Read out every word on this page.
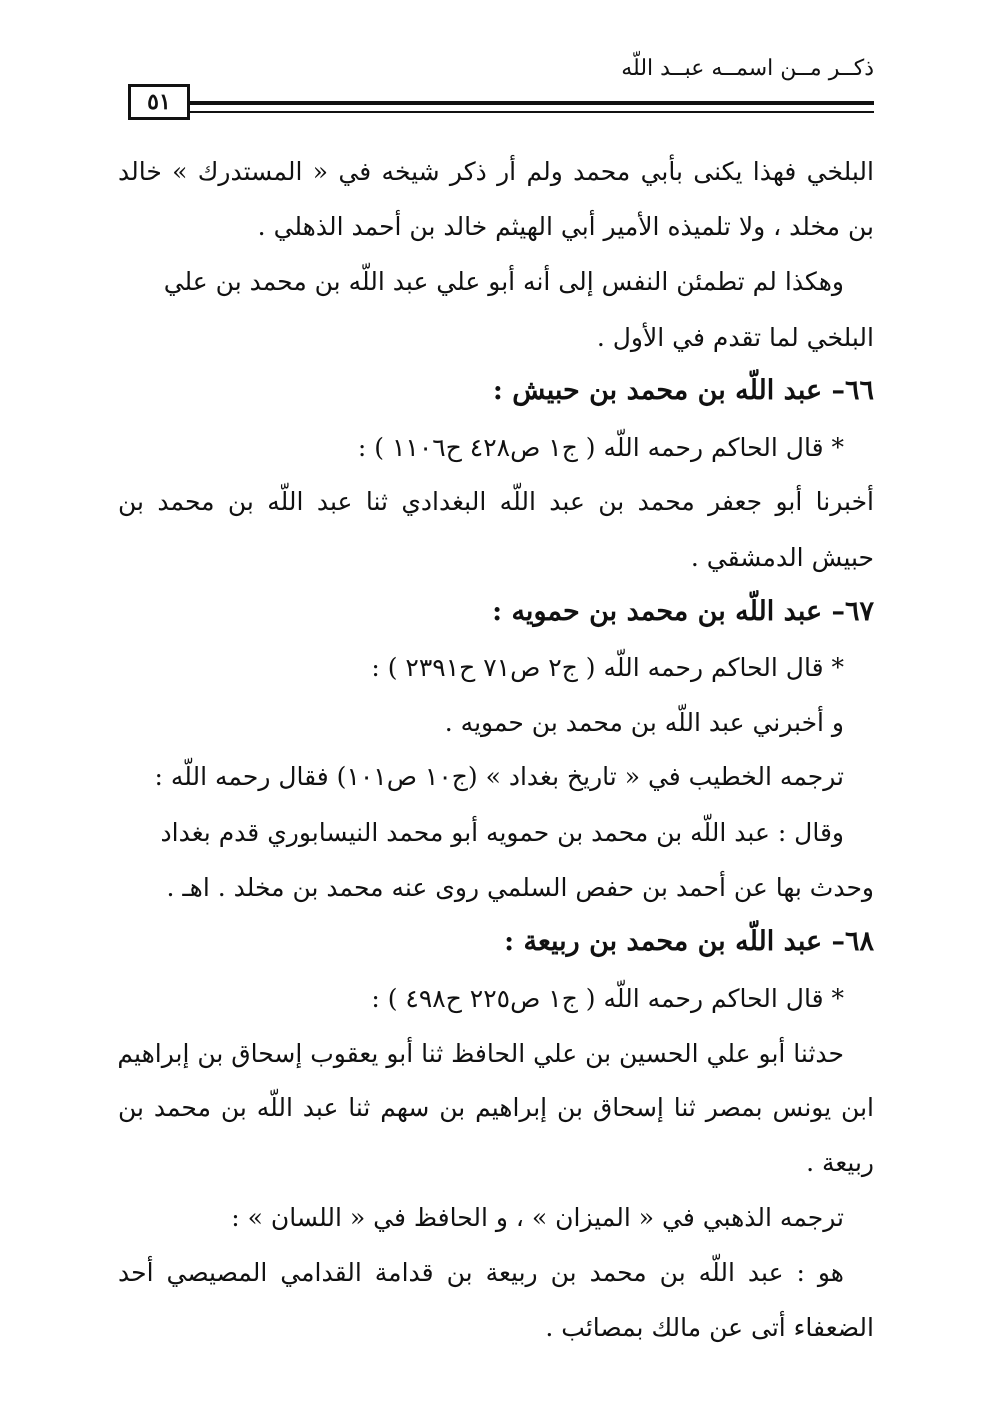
ذكــر مــن اسمــه عبــد اللّه
٥١
البلخي فهذا يكنى بأبي محمد ولم أر ذكر شيخه في « المستدرك » خالد
بن مخلد ، ولا تلميذه الأمير أبي الهيثم خالد بن أحمد الذهلي .
وهكذا لم تطمئن النفس إلى أنه أبو علي عبد اللّه بن محمد بن علي
البلخي لما تقدم في الأول .
٦٦– عبد اللّه بن محمد بن حبيش :
* قال الحاكم رحمه اللّه ( ج١ ص٤٢٨ ح١١٠٦ ) :
أخبرنا أبو جعفر محمد بن عبد اللّه البغدادي ثنا عبد اللّه بن محمد بن
حبيش الدمشقي .
٦٧– عبد اللّه بن محمد بن حمويه :
* قال الحاكم رحمه اللّه ( ج٢ ص٧١ ح٢٣٩١ ) :
و أخبرني عبد اللّه بن محمد بن حمويه .
ترجمه الخطيب في « تاريخ بغداد » (ج١٠ ص١٠١) فقال رحمه اللّه :
وقال : عبد اللّه بن محمد بن حمويه أبو محمد النيسابوري قدم بغداد
وحدث بها عن أحمد بن حفص السلمي روى عنه محمد بن مخلد . اهـ .
٦٨– عبد اللّه بن محمد بن ربيعة :
* قال الحاكم رحمه اللّه ( ج١ ص٢٢٥ ح٤٩٨ ) :
حدثنا أبو علي الحسين بن علي الحافظ ثنا أبو يعقوب إسحاق بن إبراهيم
ابن يونس بمصر ثنا إسحاق بن إبراهيم بن سهم ثنا عبد اللّه بن محمد بن
ربيعة .
ترجمه الذهبي في « الميزان » ، و الحافظ في « اللسان » :
هو : عبد اللّه بن محمد بن ربيعة بن قدامة القدامي المصيصي أحد
الضعفاء أتى عن مالك بمصائب .
